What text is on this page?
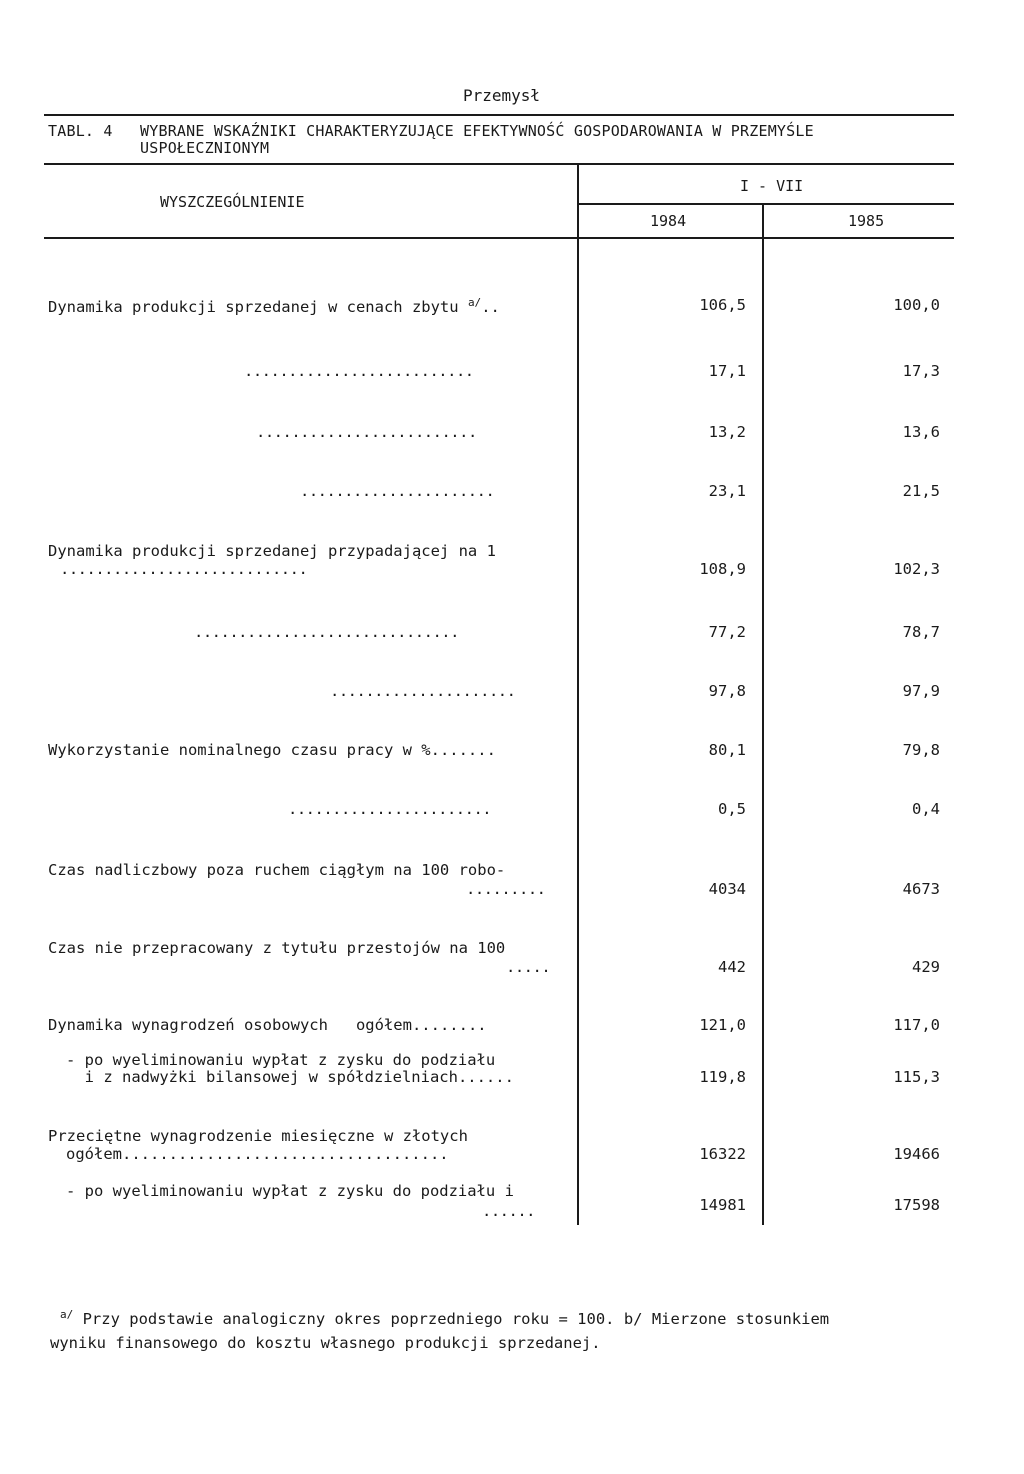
Przemysł
TABL. 4 WYBRANE WSKAŹNIKI CHARAKTERYZUJĄCE EFEKTYWNOŚĆ GOSPODAROWANIA W PRZEMYŚLE
USPOŁECZNIONYM
WYSZCZEGÓLNIENIE
I - VII
1984	1985
Dynamika produkcji sprzedanej w cenach zbytu $^{a/}$..	106,5	100,0
..........................	17,1	17,3
.........................	13,2	13,6
......................	23,1	21,5
Dynamika produkcji sprzedanej przypadającej na 1
............................	108,9	102,3
..............................	77,2	78,7
.....................	97,8	97,9
Wykorzystanie nominalnego czasu pracy w %.......	80,1	79,8
.......................	0,5	0,4
Czas nadliczbowy poza ruchem ciągłym na 100 robo-
.........	4034	4673
Czas nie przepracowany z tytułu przestojów na 100
.....	442	429
Dynamika wynagrodzeń osobowych   ogółem........	121,0	117,0
- po wyeliminowaniu wypłat z zysku do podziału
i z nadwyżki bilansowej w spółdzielniach......	119,8	115,3
Przeciętne wynagrodzenie miesięczne w złotych
ogółem...................................	16322	19466
- po wyeliminowaniu wypłat z zysku do podziału i
......	14981	17598
$^{a/}$ Przy podstawie analogiczny okres poprzedniego roku = 100. b/ Mierzone stosunkiem
wyniku finansowego do kosztu własnego produkcji sprzedanej.
